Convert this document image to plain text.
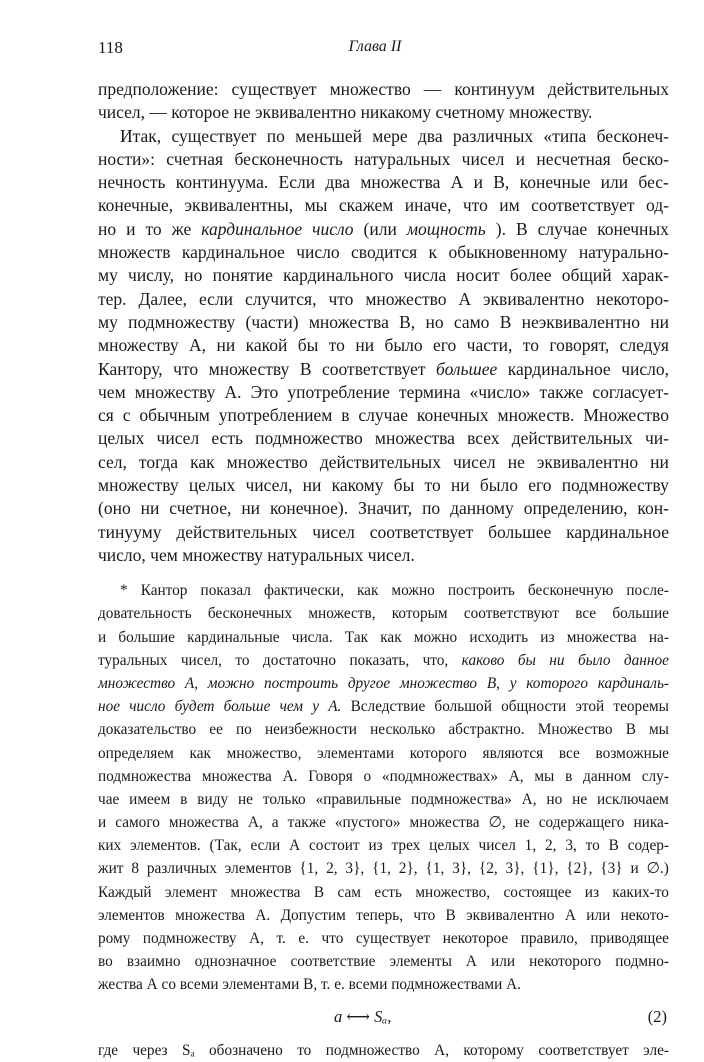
118	Глава II
предположение: существует множество — континуум действительных
чисел, — которое не эквивалентно никакому счетному множеству.
Итак, существует по меньшей мере два различных «типа бесконеч-
ности»: счетная бесконечность натуральных чисел и несчетная беско-
нечность континуума. Если два множества A и B, конечные или бес-
конечные, эквивалентны, мы скажем иначе, что им соответствует од-
но и то же кардинальное число (или мощность ). В случае конечных
множеств кардинальное число сводится к обыкновенному натурально-
му числу, но понятие кардинального числа носит более общий харак-
тер. Далее, если случится, что множество A эквивалентно некоторо-
му подмножеству (части) множества B, но само B неэквивалентно ни
множеству A, ни какой бы то ни было его части, то говорят, следуя
Кантору, что множеству B соответствует большее кардинальное число,
чем множеству A. Это употребление термина «число» также согласует-
ся с обычным употреблением в случае конечных множеств. Множество
целых чисел есть подмножество множества всех действительных чи-
сел, тогда как множество действительных чисел не эквивалентно ни
множеству целых чисел, ни какому бы то ни было его подмножеству
(оно ни счетное, ни конечное). Значит, по данному определению, кон-
тинууму действительных чисел соответствует большее кардинальное
число, чем множеству натуральных чисел.
* Кантор показал фактически, как можно построить бесконечную после-
довательность бесконечных множеств, которым соответствуют все большие
и большие кардинальные числа. Так как можно исходить из множества на-
туральных чисел, то достаточно показать, что, каково бы ни было данное
множество A, можно построить другое множество B, у которого кардиналь-
ное число будет больше чем у A. Вследствие большой общности этой теоремы
доказательство ее по неизбежности несколько абстрактно. Множество B мы
определяем как множество, элементами которого являются все возможные
подмножества множества A. Говоря о «подмножествах» A, мы в данном слу-
чае имеем в виду не только «правильные подмножества» A, но не исключаем
и самого множества A, а также «пустого» множества ∅, не содержащего ника-
ких элементов. (Так, если A состоит из трех целых чисел 1, 2, 3, то B содер-
жит 8 различных элементов {1, 2, 3}, {1, 2}, {1, 3}, {2, 3}, {1}, {2}, {3} и ∅.)
Каждый элемент множества B сам есть множество, состоящее из каких-то
элементов множества A. Допустим теперь, что B эквивалентно A или некото-
рому подмножеству A, т. е. что существует некоторое правило, приводящее
во взаимно однозначное соответствие элементы A или некоторого подмно-
жества A со всеми элементами B, т. е. всеми подмножествами A.
a ⟷ Sₐ,	(2)
где через Sₐ обозначено то подмножество A, которому соответствует эле-
